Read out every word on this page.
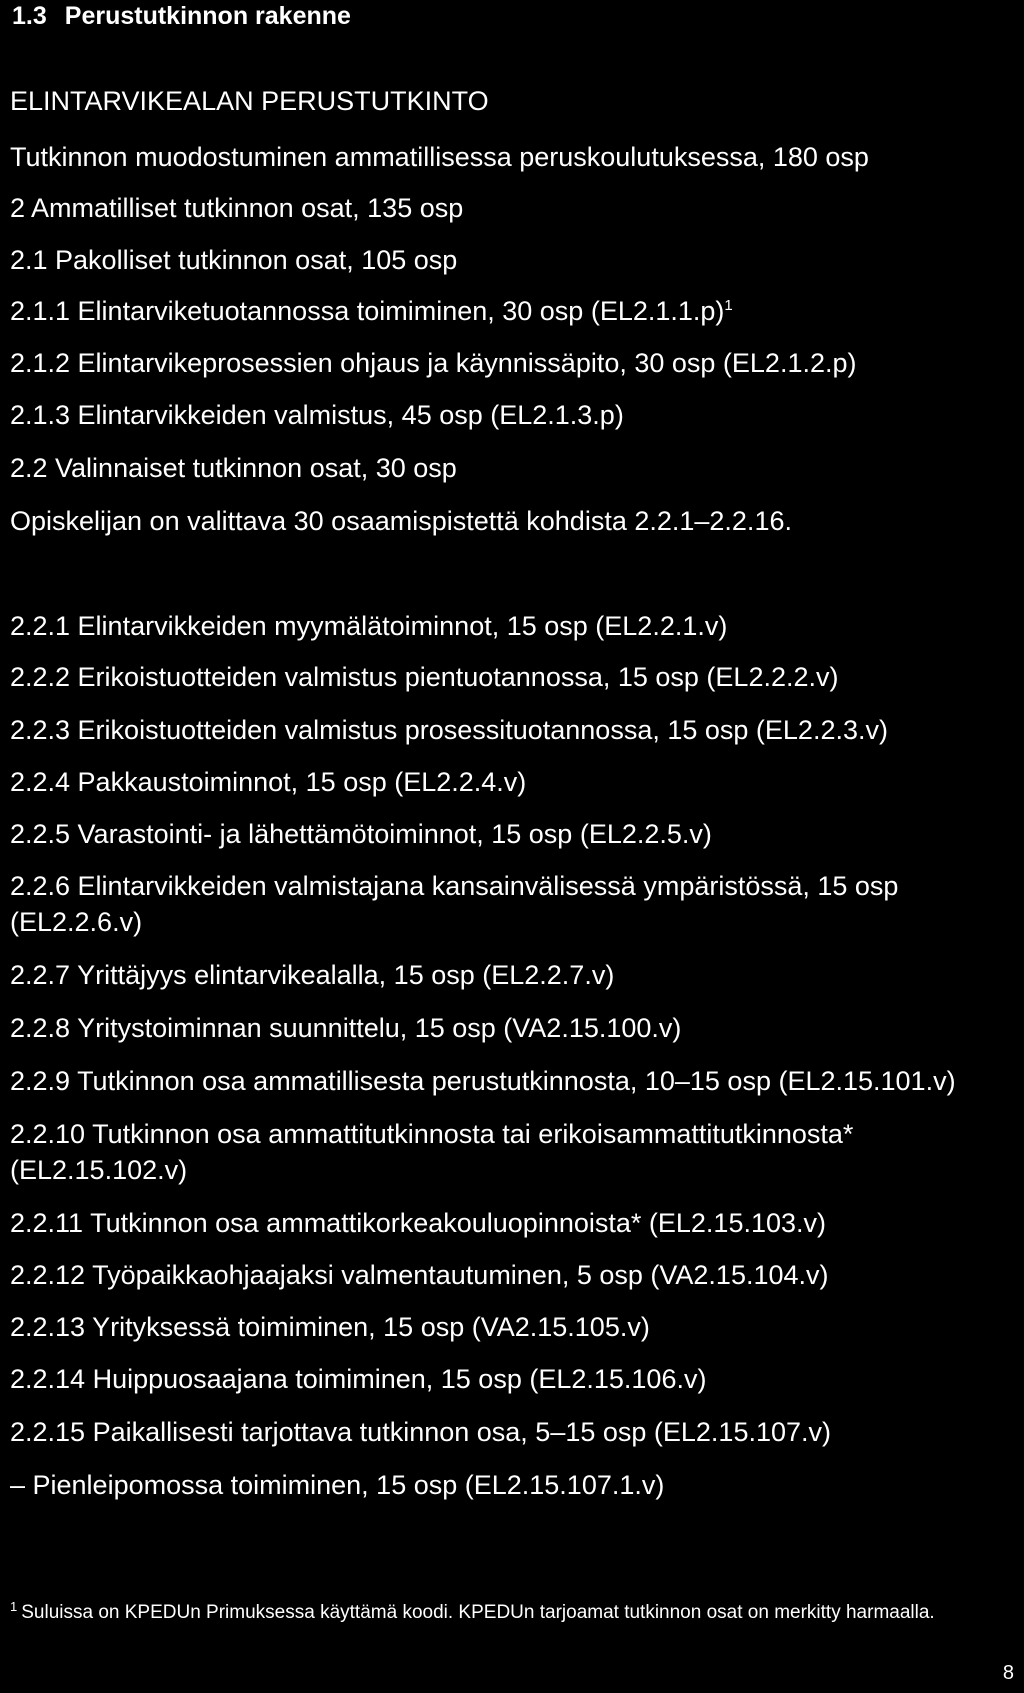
1.3 Perustutkinnon rakenne
ELINTARVIKEALAN PERUSTUTKINTO
Tutkinnon muodostuminen ammatillisessa peruskoulutuksessa, 180 osp
2 Ammatilliset tutkinnon osat, 135 osp
2.1 Pakolliset tutkinnon osat, 105 osp
2.1.1 Elintarviketuotannossa toimiminen, 30 osp $(EL2.1.1.p)^1$
2.1.2 Elintarvikeprosessien ohjaus ja käynnissäpito, 30 osp (EL2.1.2.p)
2.1.3 Elintarvikkeiden valmistus, 45 osp (EL2.1.3.p)
2.2 Valinnaiset tutkinnon osat, 30 osp
Opiskelijan on valittava 30 osaamispistettä kohdista 2.2.1–2.2.16.
2.2.1 Elintarvikkeiden myymälätoiminnot, 15 osp (EL2.2.1.v)
2.2.2 Erikoistuotteiden valmistus pientuotannossa, 15 osp (EL2.2.2.v)
2.2.3 Erikoistuotteiden valmistus prosessituotannossa, 15 osp (EL2.2.3.v)
2.2.4 Pakkaustoiminnot, 15 osp (EL2.2.4.v)
2.2.5 Varastointi- ja lähettämötoiminnot, 15 osp (EL2.2.5.v)
2.2.6 Elintarvikkeiden valmistajana kansainvälisessä ympäristössä, 15 osp
(EL2.2.6.v)
2.2.7 Yrittäjyys elintarvikealalla, 15 osp (EL2.2.7.v)
2.2.8 Yritystoiminnan suunnittelu, 15 osp (VA2.15.100.v)
2.2.9 Tutkinnon osa ammatillisesta perustutkinnosta, 10–15 osp (EL2.15.101.v)
2.2.10 Tutkinnon osa ammattitutkinnosta tai erikoisammattitutkinnosta*
(EL2.15.102.v)
2.2.11 Tutkinnon osa ammattikorkeakouluopinnoista* (EL2.15.103.v)
2.2.12 Työpaikkaohjaajaksi valmentautuminen, 5 osp (VA2.15.104.v)
2.2.13 Yrityksessä toimiminen, 15 osp (VA2.15.105.v)
2.2.14 Huippuosaajana toimiminen, 15 osp (EL2.15.106.v)
2.2.15 Paikallisesti tarjottava tutkinnon osa, 5–15 osp (EL2.15.107.v)
– Pienleipomossa toimiminen, 15 osp (EL2.15.107.1.v)
$^1$ Suluissa on KPEDUn Primuksessa käyttämä koodi. KPEDUn tarjoamat tutkinnon osat on merkitty harmaalla.
8
